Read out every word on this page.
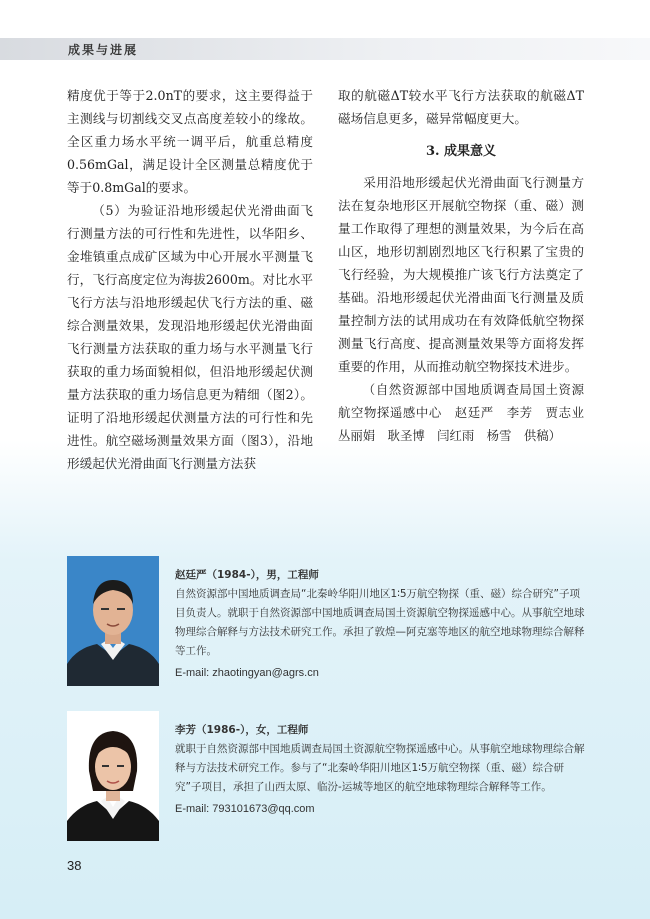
成果与进展

精度优于等于2.0nT的要求，这主要得益于主测线与切割线交叉点高度差较小的缘故。全区重力场水平统一调平后，航重总精度0.56mGal，满足设计全区测量总精度优于等于0.8mGal的要求。

（5）为验证沿地形缓起伏光滑曲面飞行测量方法的可行性和先进性，以华阳乡、金堆镇重点成矿区域为中心开展水平测量飞行，飞行高度定位为海拔2600m。对比水平飞行方法与沿地形缓起伏飞行方法的重、磁综合测量效果，发现沿地形缓起伏光滑曲面飞行测量方法获取的重力场与水平测量飞行获取的重力场面貌相似，但沿地形缓起伏测量方法获取的重力场信息更为精细（图2）。证明了沿地形缓起伏测量方法的可行性和先进性。航空磁场测量效果方面（图3），沿地形缓起伏光滑曲面飞行测量方法获

取的航磁ΔT较水平飞行方法获取的航磁ΔT磁场信息更多，磁异常幅度更大。

3. 成果意义

采用沿地形缓起伏光滑曲面飞行测量方法在复杂地形区开展航空物探（重、磁）测量工作取得了理想的测量效果，为今后在高山区，地形切割剧烈地区飞行积累了宝贵的飞行经验，为大规模推广该飞行方法奠定了基础。沿地形缓起伏光滑曲面飞行测量及质量控制方法的试用成功在有效降低航空物探测量飞行高度、提高测量效果等方面将发挥重要的作用，从而推动航空物探技术进步。

（自然资源部中国地质调查局国土资源航空物探遥感中心　赵廷严　李芳　贾志业　丛丽娟　耿圣博　闫红雨　杨雪　供稿）

赵廷严（1984-），男，工程师

自然资源部中国地质调查局“北秦岭华阳川地区1∶5万航空物探（重、磁）综合研究”子项目负责人。就职于自然资源部中国地质调查局国土资源航空物探遥感中心。从事航空地球物理综合解释与方法技术研究工作。承担了敦煌—阿克塞等地区的航空地球物理综合解释等工作。

E-mail: zhaotingyan@agrs.cn

李芳（1986-），女，工程师

就职于自然资源部中国地质调查局国土资源航空物探遥感中心。从事航空地球物理综合解释与方法技术研究工作。参与了“北秦岭华阳川地区1∶5万航空物探（重、磁）综合研究”子项目，承担了山西太原、临汾-运城等地区的航空地球物理综合解释等工作。

E-mail: 793101673@qq.com

38
